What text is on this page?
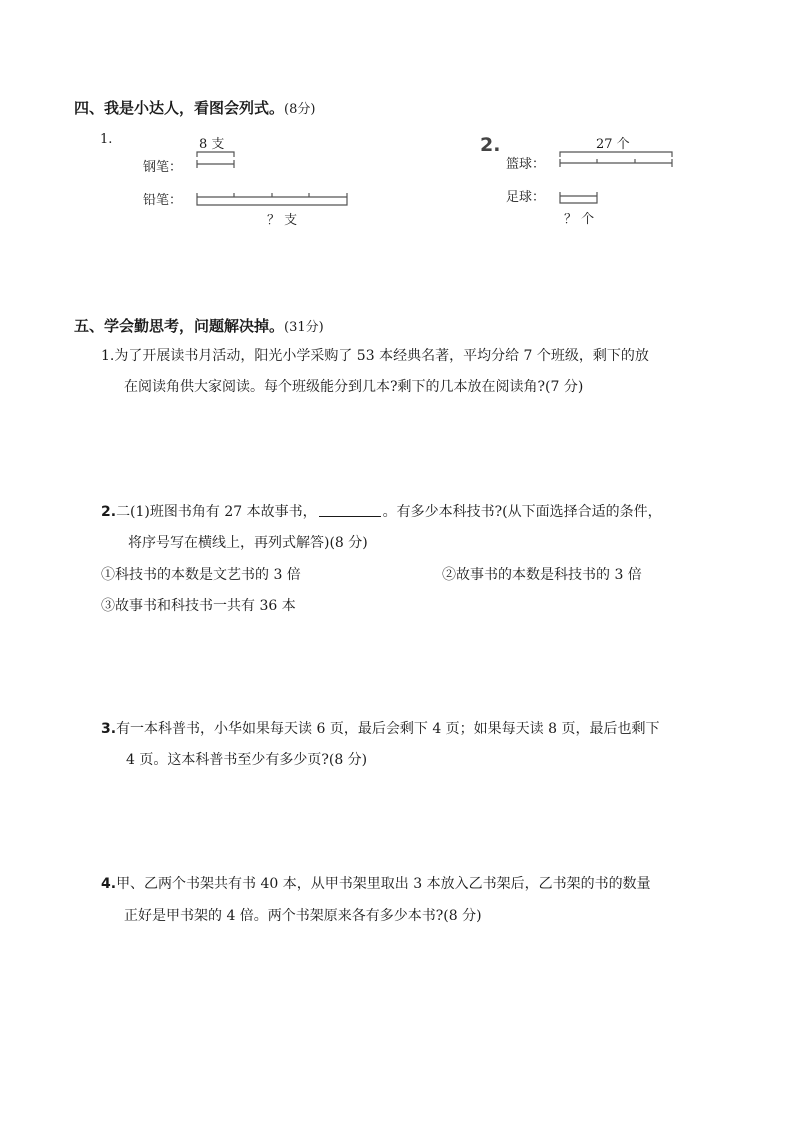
四、我是小达人，看图会列式。(8分)
1.	8 支
钢笔：
铅笔：
？ 支
2.	27 个
篮球：
足球：
？ 个
五、学会勤思考，问题解决掉。(31分)
1.为了开展读书月活动，阳光小学采购了 53 本经典名著，平均分给 7 个班级，剩下的放
在阅读角供大家阅读。每个班级能分到几本?剩下的几本放在阅读角?(7 分)
2.二(1)班图书角有 27 本故事书，	。有多少本科技书?(从下面选择合适的条件，
将序号写在横线上，再列式解答)(8 分)
①科技书的本数是文艺书的 3 倍	②故事书的本数是科技书的 3 倍
③故事书和科技书一共有 36 本
3.有一本科普书，小华如果每天读 6 页，最后会剩下 4 页；如果每天读 8 页，最后也剩下
4 页。这本科普书至少有多少页?(8 分)
4.甲、乙两个书架共有书 40 本，从甲书架里取出 3 本放入乙书架后，乙书架的书的数量
正好是甲书架的 4 倍。两个书架原来各有多少本书?(8 分)
